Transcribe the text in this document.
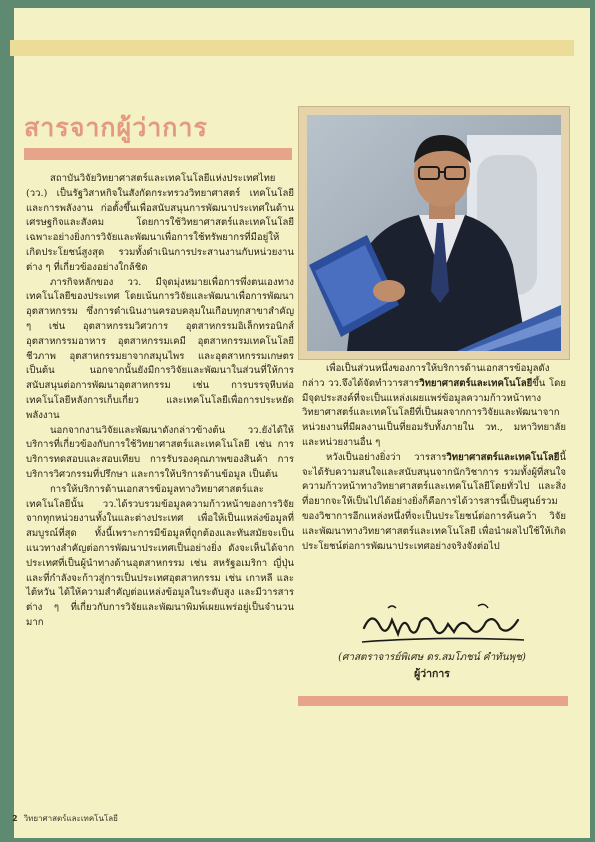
สารจากผู้ว่าการ

สถาบันวิจัยวิทยาศาสตร์และเทคโนโลยีแห่งประเทศไทย (วว.) เป็นรัฐวิสาหกิจในสังกัดกระทรวงวิทยาศาสตร์ เทคโนโลยีและการพลังงาน ก่อตั้งขึ้นเพื่อสนับสนุนการพัฒนาประเทศในด้านเศรษฐกิจและสังคม โดยการใช้วิทยาศาสตร์และเทคโนโลยี เฉพาะอย่างยิ่งการวิจัยและพัฒนาเพื่อการใช้ทรัพยากรที่มีอยู่ให้เกิดประโยชน์สูงสุด รวมทั้งดำเนินการประสานงานกับหน่วยงานต่าง ๆ ที่เกี่ยวข้องอย่างใกล้ชิด

ภารกิจหลักของ วว. มีจุดมุ่งหมายเพื่อการพึ่งตนเองทางเทคโนโลยีของประเทศ โดยเน้นการวิจัยและพัฒนาเพื่อการพัฒนาอุตสาหกรรม ซึ่งการดำเนินงานครอบคลุมในเกือบทุกสาขาสำคัญ ๆ เช่น อุตสาหกรรมวิศวการ อุตสาหกรรมอิเล็กทรอนิกส์ อุตสาหกรรมอาหาร อุตสาหกรรมเคมี อุตสาหกรรมเทคโนโลยีชีวภาพ อุตสาหกรรมยาจากสมุนไพร และอุตสาหกรรมเกษตร เป็นต้น นอกจากนั้นยังมีการวิจัยและพัฒนาในส่วนที่ให้การสนับสนุนต่อการพัฒนาอุตสาหกรรม เช่น การบรรจุหีบห่อ เทคโนโลยีหลังการเก็บเกี่ยว และเทคโนโลยีเพื่อการประหยัดพลังงาน

นอกจากงานวิจัยและพัฒนาดังกล่าวข้างต้น วว.ยังได้ให้บริการที่เกี่ยวข้องกับการใช้วิทยาศาสตร์และเทคโนโลยี เช่น การบริการทดสอบและสอบเทียบ การรับรองคุณภาพของสินค้า การบริการวิศวกรรมที่ปรึกษา และการให้บริการด้านข้อมูล เป็นต้น

การให้บริการด้านเอกสารข้อมูลทางวิทยาศาสตร์และเทคโนโลยีนั้น วว.ได้รวบรวมข้อมูลความก้าวหน้าของการวิจัยจากทุกหน่วยงานทั้งในและต่างประเทศ เพื่อให้เป็นแหล่งข้อมูลที่สมบูรณ์ที่สุด ทั้งนี้เพราะการมีข้อมูลที่ถูกต้องและทันสมัยจะเป็นแนวทางสำคัญต่อการพัฒนาประเทศเป็นอย่างยิ่ง ดังจะเห็นได้จากประเทศที่เป็นผู้นำทางด้านอุตสาหกรรม เช่น สหรัฐอเมริกา ญี่ปุ่น และที่กำลังจะก้าวสู่การเป็นประเทศอุตสาหกรรม เช่น เกาหลี และไต้หวัน ได้ให้ความสำคัญต่อแหล่งข้อมูลในระดับสูง และมีวารสารต่าง ๆ ที่เกี่ยวกับการวิจัยและพัฒนาพิมพ์เผยแพร่อยู่เป็นจำนวนมาก

เพื่อเป็นส่วนหนึ่งของการให้บริการด้านเอกสารข้อมูลดังกล่าว วว.จึงได้จัดทำวารสารวิทยาศาสตร์และเทคโนโลยีขึ้น โดยมีจุดประสงค์ที่จะเป็นแหล่งเผยแพร่ข้อมูลความก้าวหน้าทางวิทยาศาสตร์และเทคโนโลยีที่เป็นผลจากการวิจัยและพัฒนาจากหน่วยงานที่มีผลงานเป็นที่ยอมรับทั้งภายใน วท., มหาวิทยาลัย และหน่วยงานอื่น ๆ

หวังเป็นอย่างยิ่งว่า วารสารวิทยาศาสตร์และเทคโนโลยีนี้จะได้รับความสนใจและสนับสนุนจากนักวิชาการ รวมทั้งผู้ที่สนใจความก้าวหน้าทางวิทยาศาสตร์และเทคโนโลยีโดยทั่วไป และสิ่งที่อยากจะให้เป็นไปได้อย่างยิ่งก็คือการได้วารสารนี้เป็นศูนย์รวมของวิชาการอีกแหล่งหนึ่งที่จะเป็นประโยชน์ต่อการค้นคว้า วิจัย และพัฒนาทางวิทยาศาสตร์และเทคโนโลยี เพื่อนำผลไปใช้ให้เกิดประโยชน์ต่อการพัฒนาประเทศอย่างจริงจังต่อไป

(ศาสตราจารย์พิเศษ ดร.สมโภชน์ คำทันพุช)
ผู้ว่าการ
2 วิทยาศาสตร์และเทคโนโลยี
